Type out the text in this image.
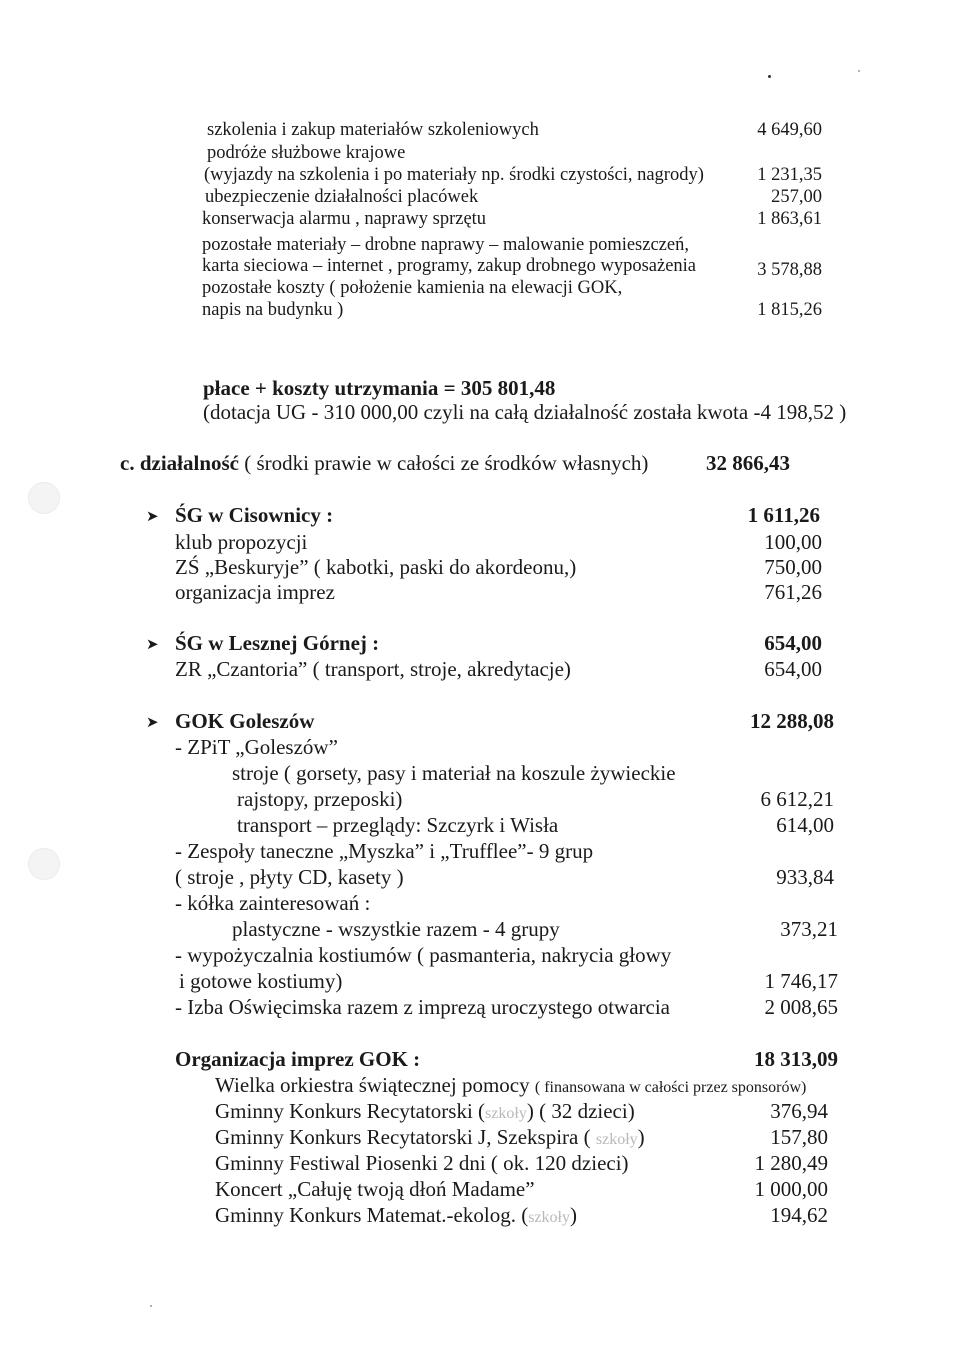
szkolenia i zakup materiałów szkoleniowych	4 649,60
podróże służbowe krajowe
(wyjazdy na szkolenia i po materiały np. środki czystości, nagrody)	1 231,35
ubezpieczenie działalności placówek	257,00
konserwacja alarmu , naprawy sprzętu	1 863,61
pozostałe materiały – drobne naprawy – malowanie pomieszczeń,
karta sieciowa – internet , programy, zakup drobnego wyposażenia	3 578,88
pozostałe koszty ( położenie kamienia na elewacji GOK,
napis na budynku )	1 815,26
płace + koszty utrzymania = 305 801,48
(dotacja UG - 310 000,00 czyli na całą działalność została kwota -4 198,52 )
c. działalność ( środki prawie w całości ze środków własnych)	32 866,43
➤ ŚG w Cisownicy :	1 611,26
klub propozycji	100,00
ZŚ „Beskuryje” ( kabotki, paski do akordeonu,)	750,00
organizacja imprez	761,26
➤ ŚG w Lesznej Górnej :	654,00
ZR „Czantoria” ( transport, stroje, akredytacje)	654,00
➤ GOK Goleszów	12 288,08
- ZPiT „Goleszów”
stroje ( gorsety, pasy i materiał na koszule żywieckie
rajstopy, przeposki)	6 612,21
transport – przeglądy: Szczyrk i Wisła	614,00
- Zespoły taneczne „Myszka” i „Trufflee”- 9 grup
( stroje , płyty CD, kasety )	933,84
- kółka zainteresowań :
plastyczne - wszystkie razem - 4 grupy	373,21
- wypożyczalnia kostiumów ( pasmanteria, nakrycia głowy
i gotowe kostiumy)	1 746,17
- Izba Oświęcimska razem z imprezą uroczystego otwarcia	2 008,65
Organizacja imprez GOK :	18 313,09
Wielka orkiestra świątecznej pomocy ( finansowana w całości przez sponsorów)
Gminny Konkurs Recytatorski (szkoły) ( 32 dzieci)	376,94
Gminny Konkurs Recytatorski J, Szekspira ( szkoły)	157,80
Gminny Festiwal Piosenki 2 dni ( ok. 120 dzieci)	1 280,49
Koncert „Całuję twoją dłoń Madame”	1 000,00
Gminny Konkurs Matemat.-ekolog. (szkoły)	194,62
